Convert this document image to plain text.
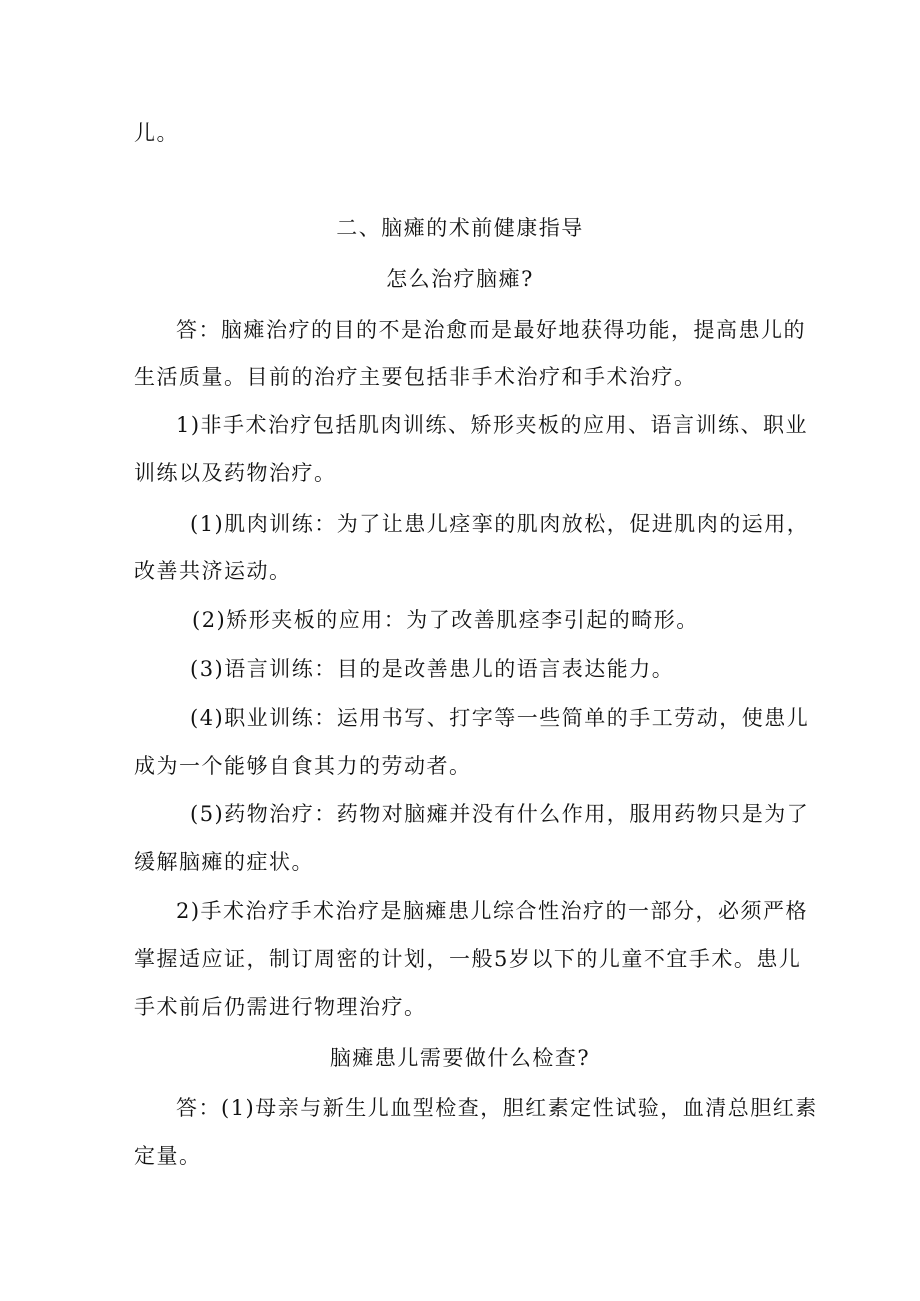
儿。
二、脑瘫的术前健康指导
怎么治疗脑瘫?
答：脑瘫治疗的目的不是治愈而是最好地获得功能，提高患儿的
生活质量。目前的治疗主要包括非手术治疗和手术治疗。
1)非手术治疗包括肌肉训练、矫形夹板的应用、语言训练、职业
训练以及药物治疗。
(1)肌肉训练：为了让患儿痉挛的肌肉放松，促进肌肉的运用，
改善共济运动。
(2)矫形夹板的应用：为了改善肌痉李引起的畸形。
(3)语言训练：目的是改善患儿的语言表达能力。
(4)职业训练：运用书写、打字等一些简单的手工劳动，使患儿
成为一个能够自食其力的劳动者。
(5)药物治疗：药物对脑瘫并没有什么作用，服用药物只是为了
缓解脑瘫的症状。
2)手术治疗手术治疗是脑瘫患儿综合性治疗的一部分，必须严格
掌握适应证，制订周密的计划，一般5岁以下的儿童不宜手术。患儿
手术前后仍需进行物理治疗。
脑瘫患儿需要做什么检查?
答：(1)母亲与新生儿血型检查，胆红素定性试验，血清总胆红素
定量。
